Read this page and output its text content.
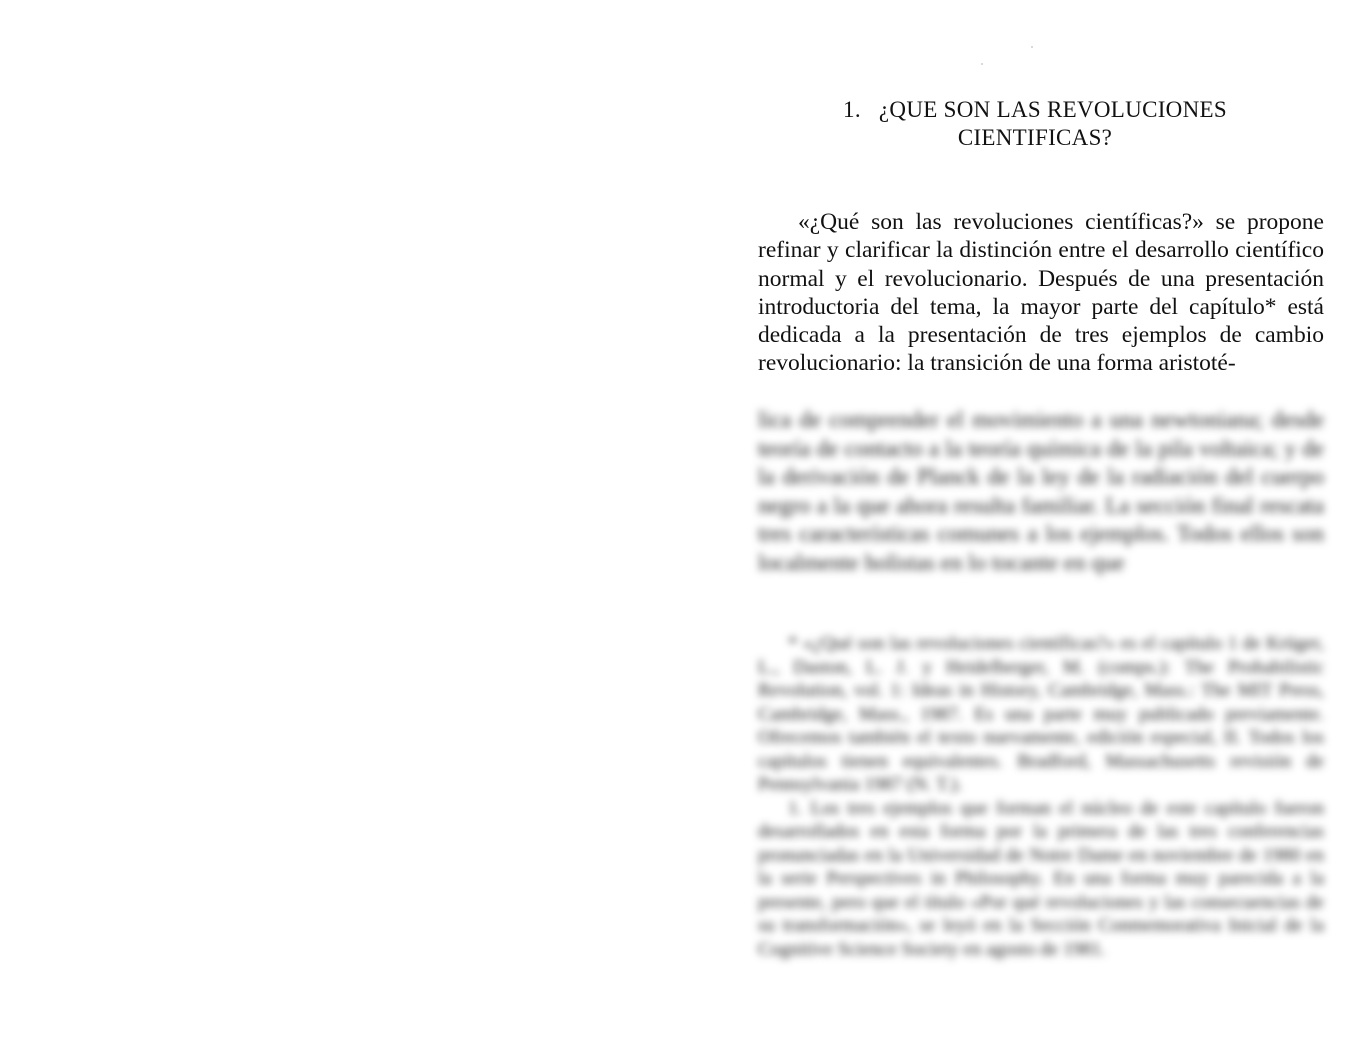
1. ¿QUE SON LAS REVOLUCIONES
CIENTIFICAS?

«¿Qué son las revoluciones científicas?» se propone refinar y clarificar la distinción entre el desarrollo científico normal y el revolucionario. Después de una presentación introductoria del tema, la mayor parte del capítulo* está dedicada a la presentación de tres ejemplos de cambio revolucionario: la transición de una forma aristoté-

lica de comprender el movimiento a una newtoniana; desde teoría de contacto a la teoría química de la pila voltaica; y de la derivación de Planck de la ley de la radiación del cuerpo negro a la que ahora resulta familiar. La sección final rescata tres características comunes a los ejemplos. Todos ellos son localmente holistas en lo tocante en que

* «¿Qué son las revoluciones científicas?» es el capítulo 1 de Krüger, L., Daston, L. J. y Heidelberger, M. (comps.): The Probabilistic Revolution, vol. 1: Ideas in History, Cambridge, Mass.: The MIT Press, Cambridge, Mass., 1987. Es una parte muy publicado previamente. Ofrecemos también el texto nuevamente, edición especial, II. Todos los capítulos tienen equivalentes. Bradford, Massachusetts revisión de Pennsylvania 1987 (N. T.).

1. Los tres ejemplos que forman el núcleo de este capítulo fueron desarrollados en esta forma por la primera de las tres conferencias pronunciadas en la Universidad de Notre Dame en noviembre de 1980 en la serie Perspectives in Philosophy. En una forma muy parecida a la presente, pero que el título «Por qué revoluciones y las consecuencias de su transformación», se leyó en la Sección Conmemorativa Inicial de la Cognitive Science Society en agosto de 1981.
